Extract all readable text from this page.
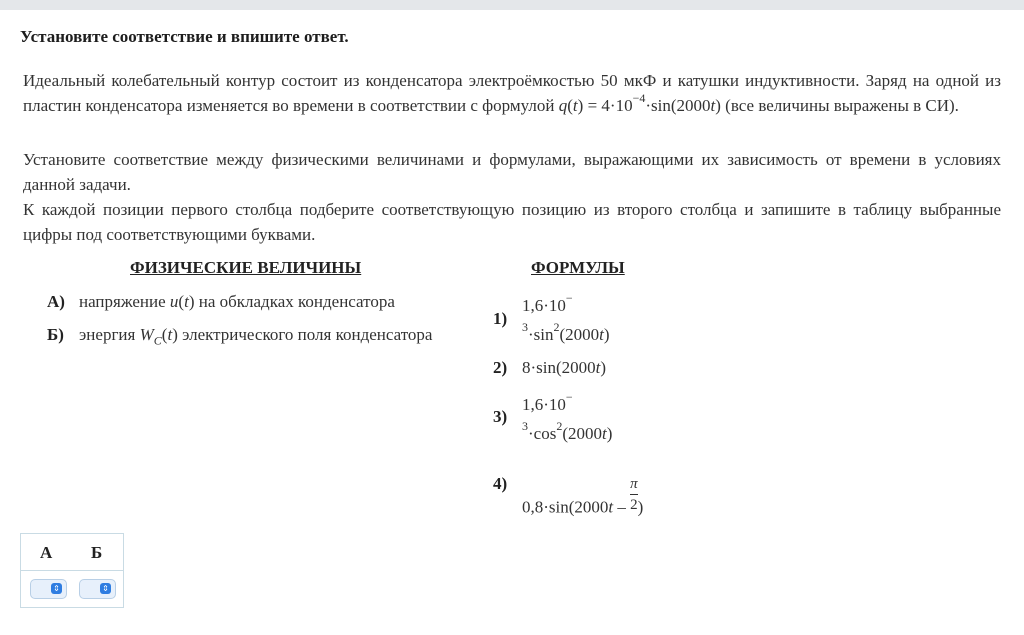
Установите соответствие и впишите ответ.
Идеальный колебательный контур состоит из конденсатора электроёмкостью 50 мкФ и катушки индуктивности. Заряд на одной из пластин конденсатора изменяется во времени в соответствии с формулой $q(t) = 4\cdot 10^{-4}\cdot\sin(2000t)$ (все величины выражены в СИ).
Установите соответствие между физическими величинами и формулами, выражающими их зависимость от времени в условиях данной задачи.
К каждой позиции первого столбца подберите соответствующую позицию из второго столбца и запишите в таблицу выбранные цифры под соответствующими буквами.
ФИЗИЧЕСКИЕ ВЕЛИЧИНЫ	ФОРМУЛЫ
А) напряжение u(t) на обкладках конденсатора
Б) энергия $W_C(t)$ электрического поля конденсатора
1)
1,6·10−
$^3\cdot\sin^2(2000t)$
2) 8·sin(2000t)
3)
1,6·10−
$^3\cdot\cos^2(2000t)$
4)
$0,8\cdot\sin(2000t - \frac{\pi}{2}$ )
А Б
⇕	⇕
